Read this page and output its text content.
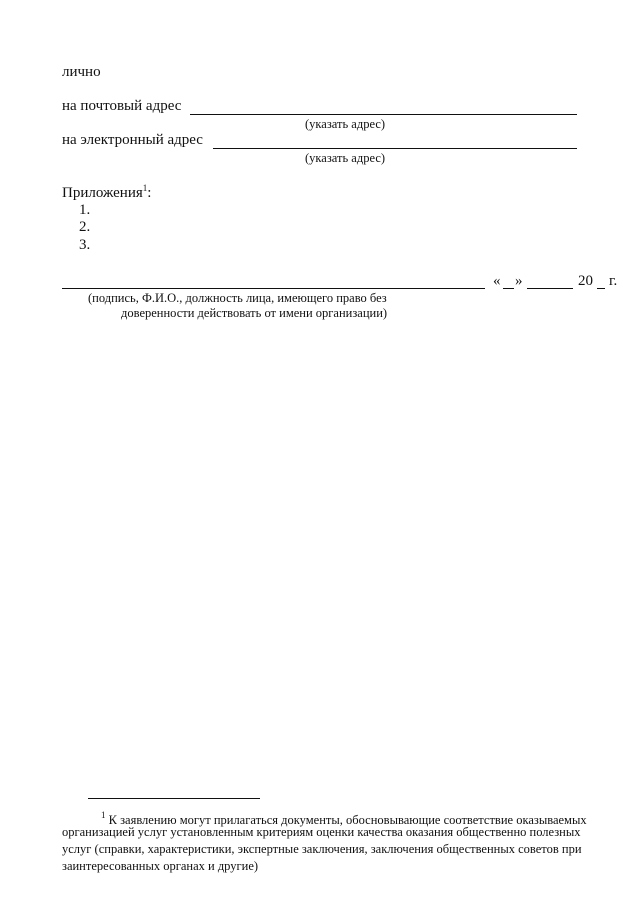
лично
на почтовый адрес
(указать адрес)
на электронный адрес
(указать адрес)
Приложения$^1$:
1.
2.
3.
« »	20 г.
(подпись, Ф.И.О., должность лица, имеющего право без
доверенности действовать от имени организации)
$^1$ К заявлению могут прилагаться документы, обосновывающие соответствие оказываемых
организацией услуг установленным критериям оценки качества оказания общественно полезных
услуг (справки, характеристики, экспертные заключения, заключения общественных советов при
заинтересованных органах и другие)
